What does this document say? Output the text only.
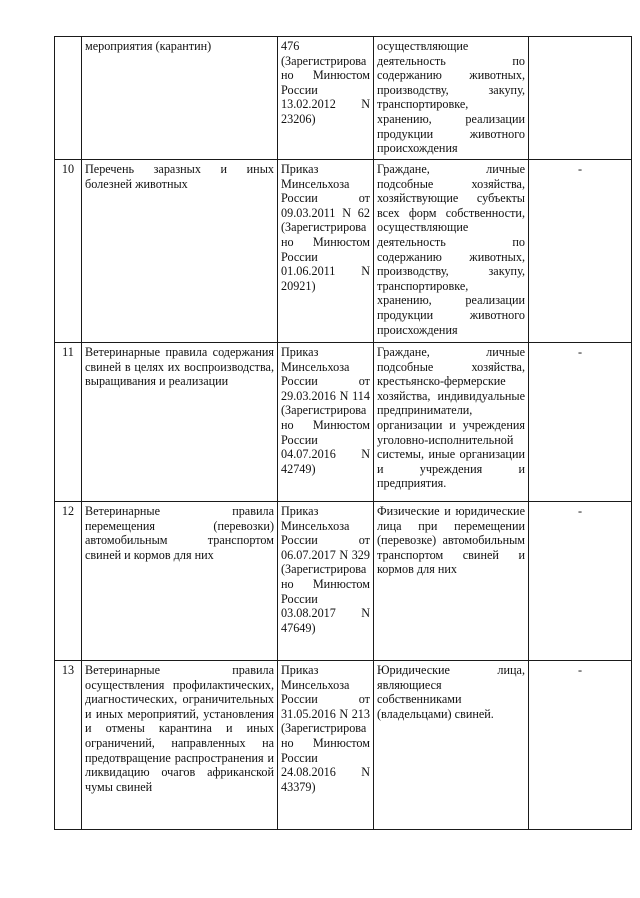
	мероприятия (карантин)	476 (Зарегистрирова но Минюстом России 13.02.2012 N 23206)	осуществляющие деятельность по содержанию животных, производству, закупу, транспортировке, хранению, реализации продукции животного происхождения	
10	Перечень заразных и иных болезней животных	Приказ Минсельхоза России от 09.03.2011 N 62 (Зарегистрирова но Минюстом России 01.06.2011 N 20921)	Граждане, личные подсобные хозяйства, хозяйствующие субъекты всех форм собственности, осуществляющие деятельность по содержанию животных, производству, закупу, транспортировке, хранению, реализации продукции животного происхождения	-
11	Ветеринарные правила содержания свиней в целях их воспроизводства, выращивания и реализации	Приказ Минсельхоза России от 29.03.2016 N 114 (Зарегистрирова но Минюстом России 04.07.2016 N 42749)	Граждане, личные подсобные хозяйства, крестьянско-фермерские хозяйства, индивидуальные предприниматели, организации и учреждения уголовно-исполнительной системы, иные организации и учреждения и предприятия.	-
12	Ветеринарные правила перемещения (перевозки) автомобильным транспортом свиней и кормов для них	Приказ Минсельхоза России от 06.07.2017 N 329 (Зарегистрирова но Минюстом России 03.08.2017 N 47649)	Физические и юридические лица при перемещении (перевозке) автомобильным транспортом свиней и кормов для них	-
13	Ветеринарные правила осуществления профилактических, диагностических, ограничительных и иных мероприятий, установления и отмены карантина и иных ограничений, направленных на предотвращение распространения и ликвидацию очагов африканской чумы свиней	Приказ Минсельхоза России от 31.05.2016 N 213 (Зарегистрирова но Минюстом России 24.08.2016 N 43379)	Юридические лица, являющиеся собственниками (владельцами) свиней.	-
